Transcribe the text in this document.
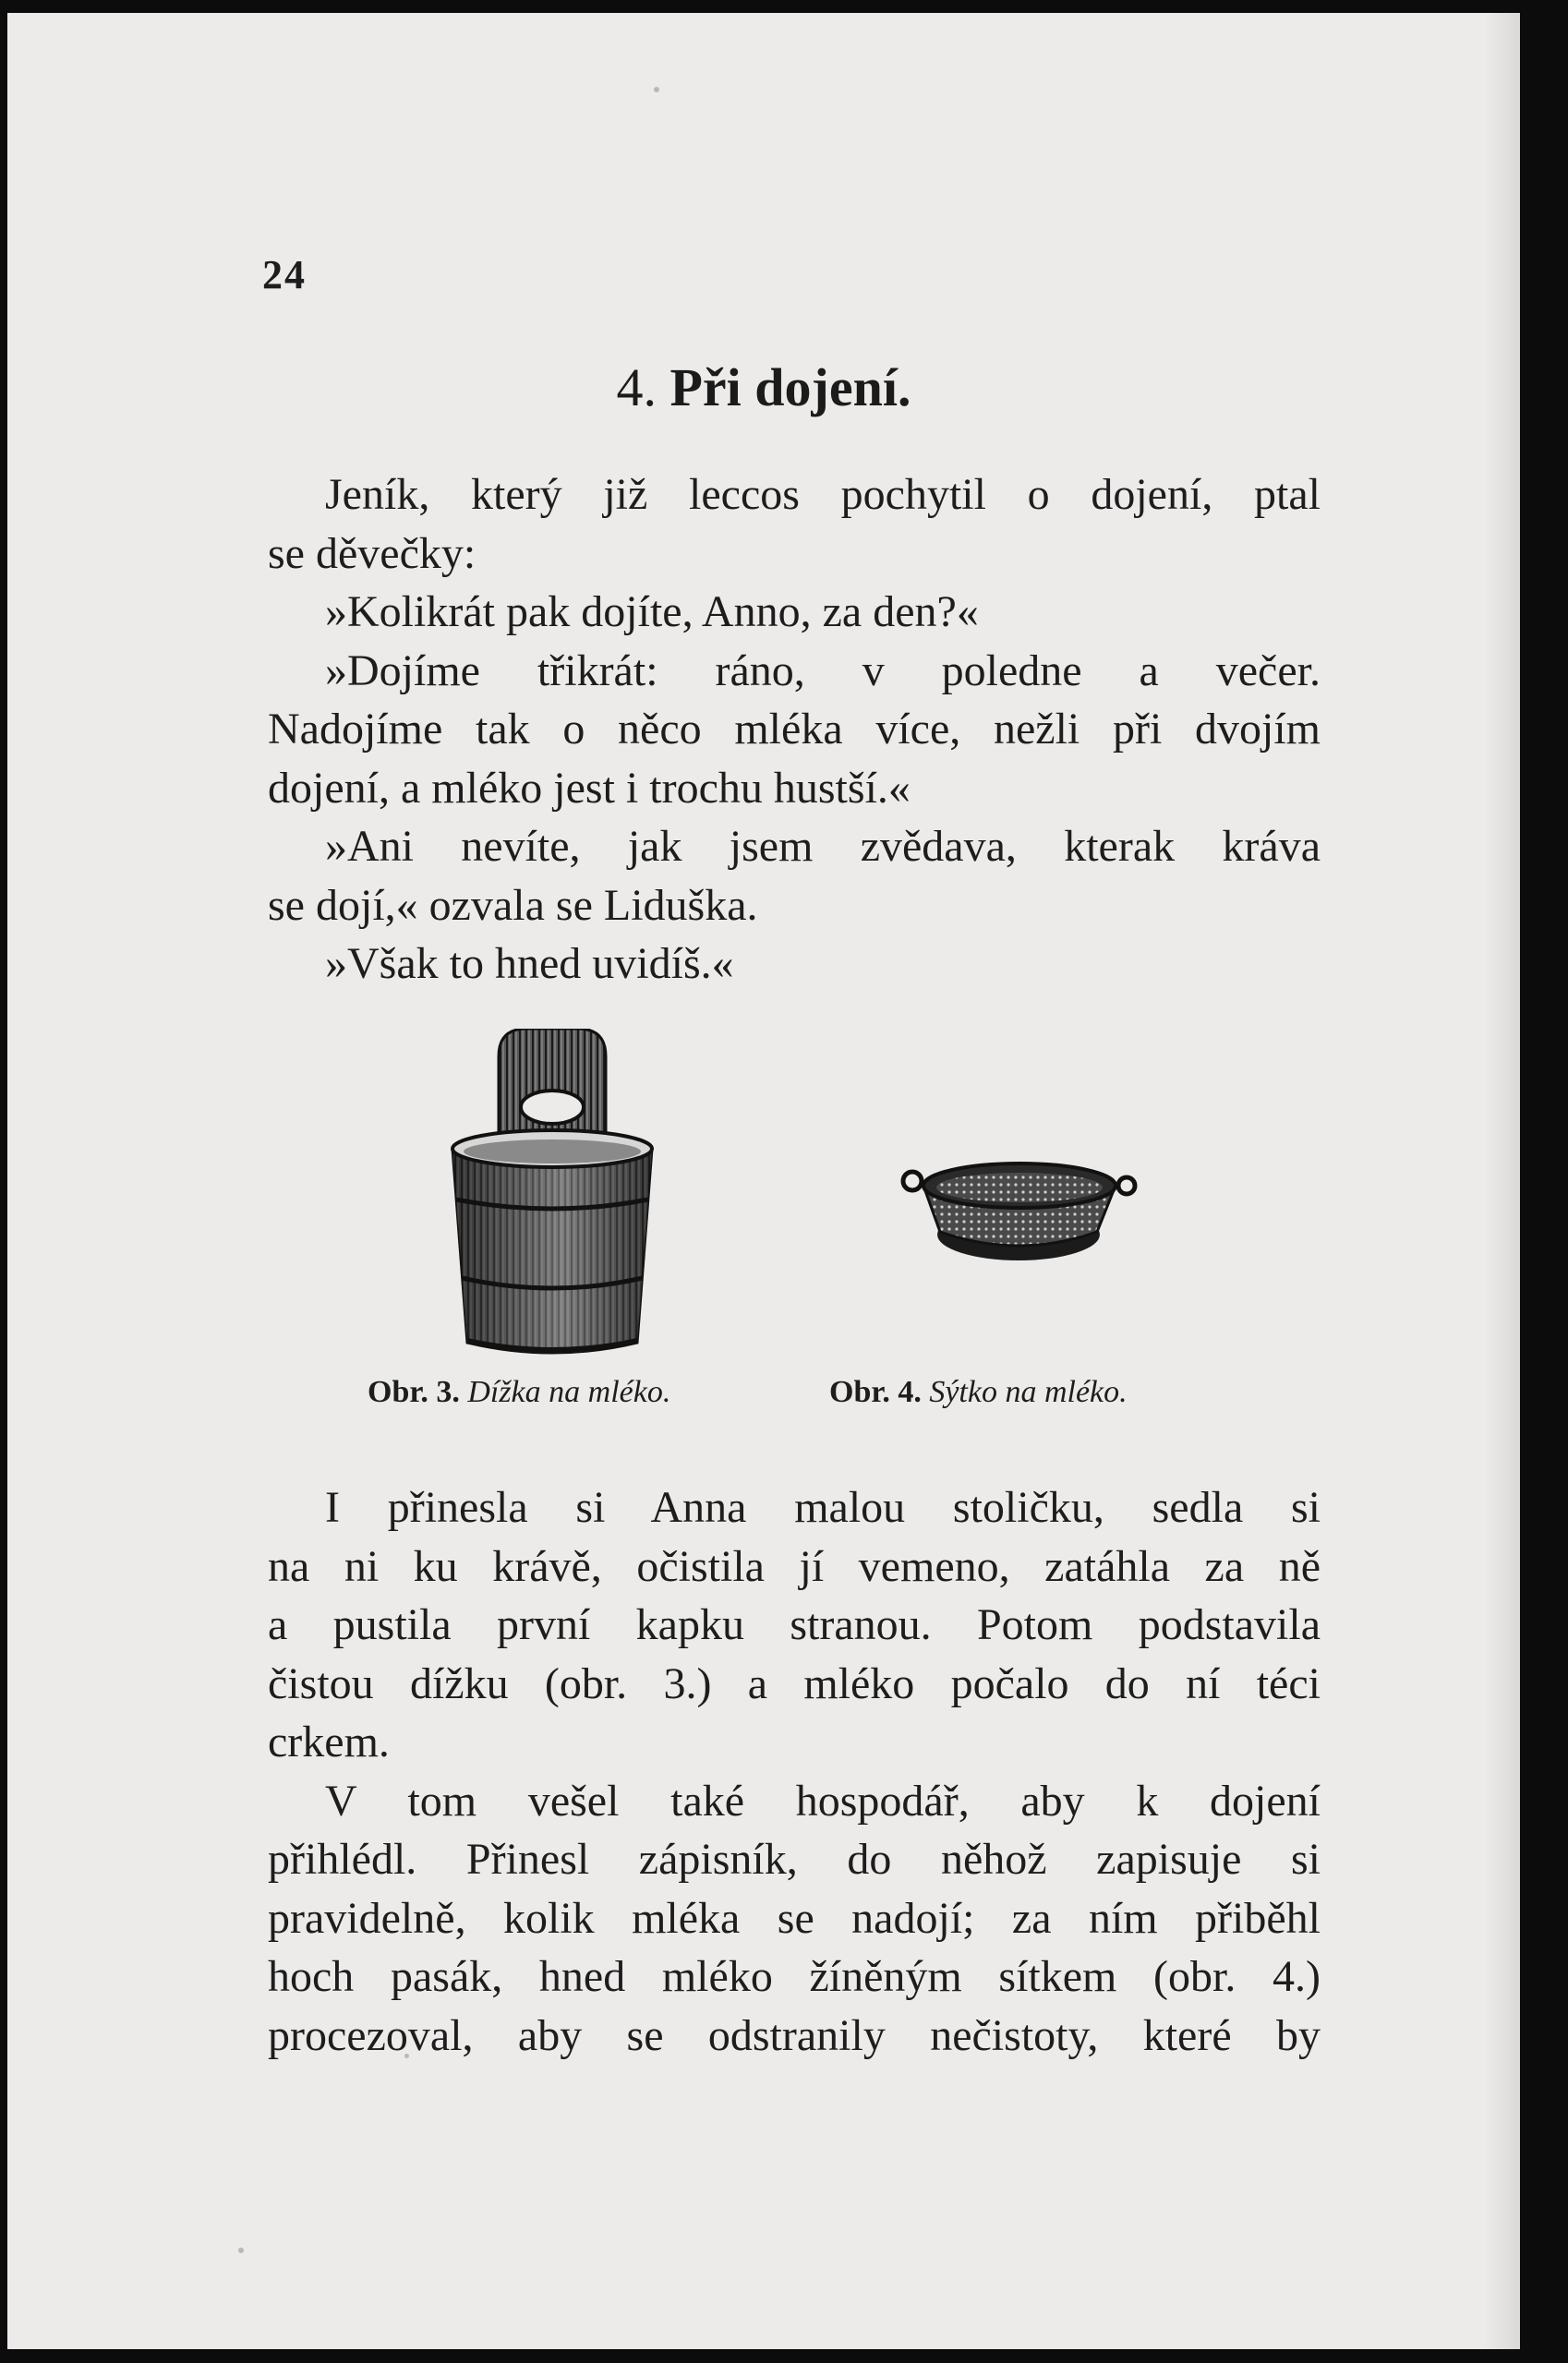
24
4. Při dojení.
Jeník, který již leccos pochytil o dojení, ptal
se děvečky:
»Kolikrát pak dojíte, Anno, za den?«
»Dojíme třikrát: ráno, v poledne a večer.
Nadojíme tak o něco mléka více, nežli při dvojím
dojení, a mléko jest i trochu hustší.«
»Ani nevíte, jak jsem zvědava, kterak kráva
se dojí,« ozvala se Liduška.
»Však to hned uvidíš.«
Obr. 3. Dížka na mléko.	Obr. 4. Sýtko na mléko.
I přinesla si Anna malou stoličku, sedla si
na ni ku krávě, očistila jí vemeno, zatáhla za ně
a pustila první kapku stranou. Potom podstavila
čistou dížku (obr. 3.) a mléko počalo do ní téci
crkem.
V tom vešel také hospodář, aby k dojení
přihlédl. Přinesl zápisník, do něhož zapisuje si
pravidelně, kolik mléka se nadojí; za ním přiběhl
hoch pasák, hned mléko žíněným sítkem (obr. 4.)
procezoval, aby se odstranily nečistoty, které by
